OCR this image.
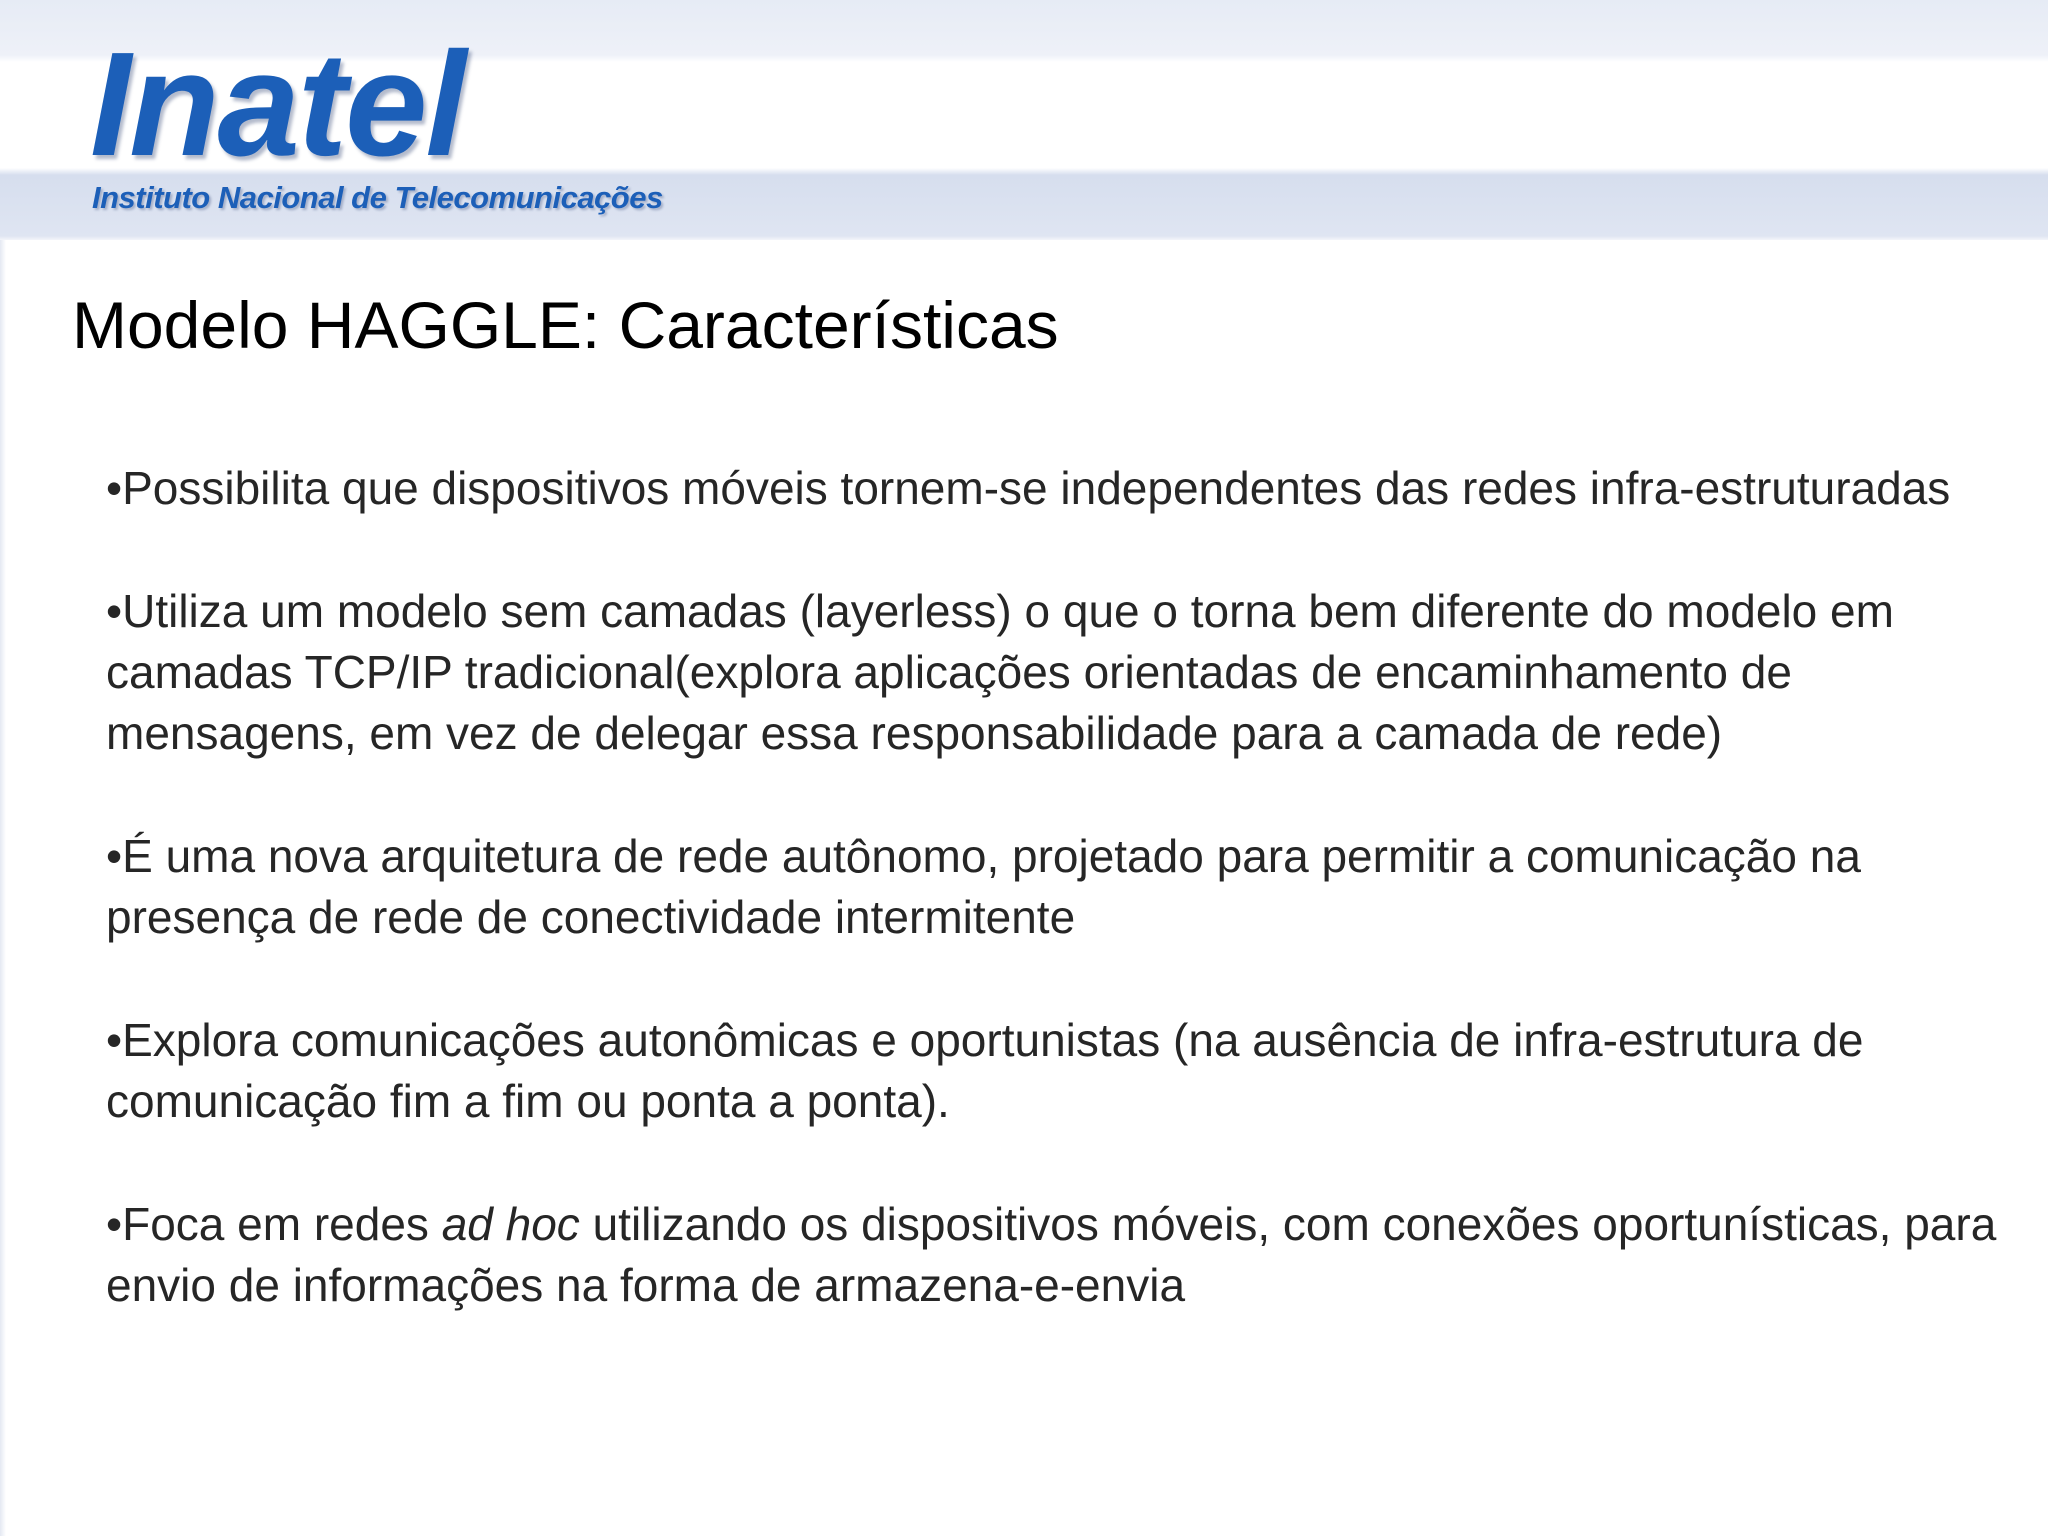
Inatel
Instituto Nacional de Telecomunicações
Modelo HAGGLE: Características
•Possibilita que dispositivos móveis tornem-se independentes das redes infra-estruturadas
•Utiliza um modelo sem camadas (layerless) o que o torna bem diferente do modelo em camadas TCP/IP tradicional(explora aplicações orientadas de encaminhamento de mensagens, em vez de delegar essa responsabilidade para a camada de rede)
•É uma nova arquitetura de rede autônomo, projetado para permitir a comunicação na presença de rede de conectividade intermitente
•Explora comunicações autonômicas e oportunistas (na ausência de infra-estrutura de comunicação fim a fim ou ponta a ponta).
•Foca em redes ad hoc utilizando os dispositivos móveis, com conexões oportunísticas, para envio de informações na forma de armazena-e-envia
